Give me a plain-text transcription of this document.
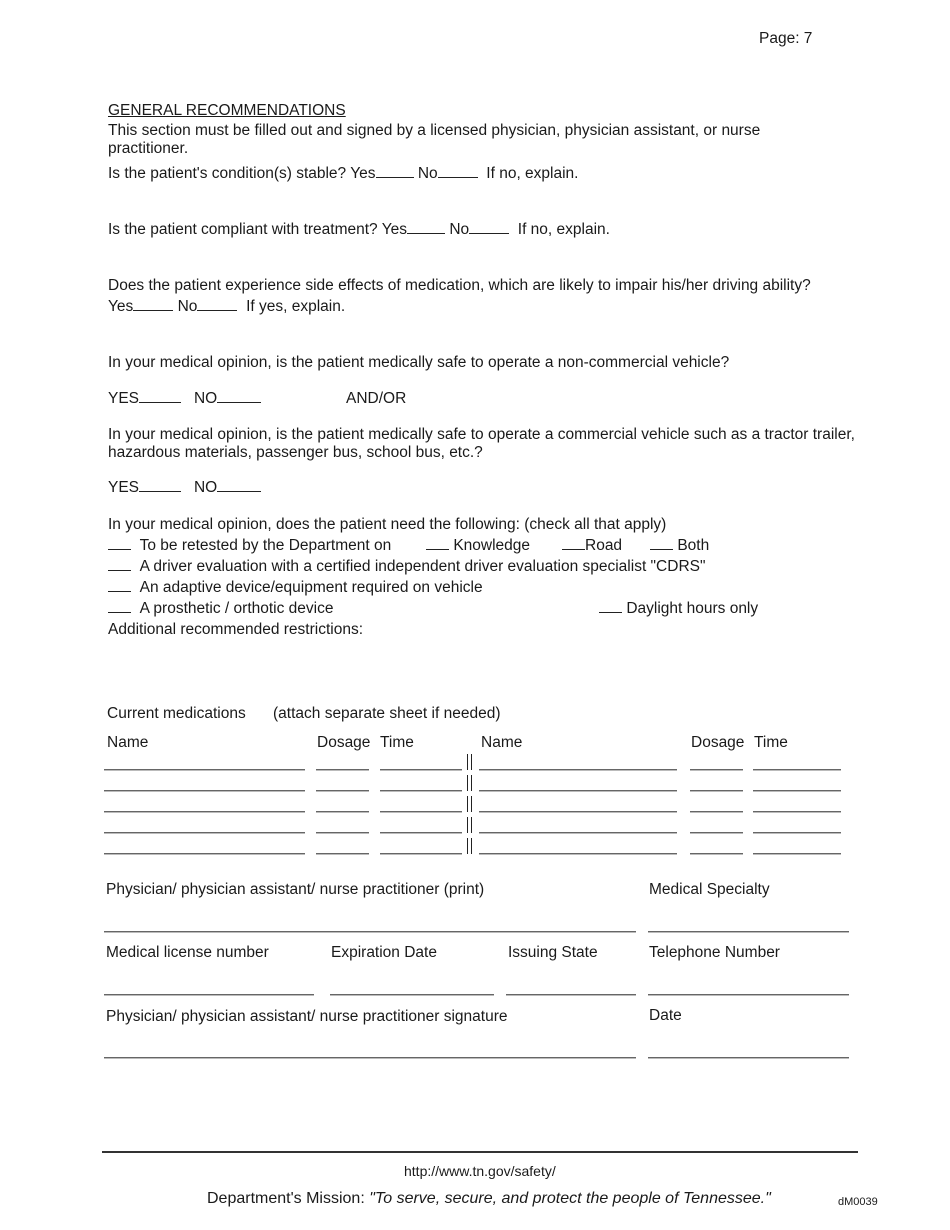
Page: 7
GENERAL RECOMMENDATIONS
This section must be filled out and signed by a licensed physician, physician assistant, or nurse practitioner.
Is the patient's condition(s) stable? Yes	No	If no, explain.
Is the patient compliant with treatment? Yes	No	If no, explain.
Does the patient experience side effects of medication, which are likely to impair his/her driving ability?
Yes	No	If yes, explain.
In your medical opinion, is the patient medically safe to operate a non-commercial vehicle?
YES	NO	AND/OR
In your medical opinion, is the patient medically safe to operate a commercial vehicle such as a tractor trailer, hazardous materials, passenger bus, school bus, etc.?
YES	NO
In your medical opinion, does the patient need the following: (check all that apply)
To be retested by the Department on	Knowledge	Road	Both
A driver evaluation with a certified independent driver evaluation specialist "CDRS"
An adaptive device/equipment required on vehicle
A prosthetic / orthotic device	Daylight hours only
Additional recommended restrictions:
Current medications (attach separate sheet if needed)
Name	Dosage Time	Name	Dosage Time
Physician/ physician assistant/ nurse practitioner (print)	Medical Specialty
Medical license number	Expiration Date	Issuing State	Telephone Number
Physician/ physician assistant/ nurse practitioner signature	Date
http://www.tn.gov/safety/
Department's Mission: "To serve, secure, and protect the people of Tennessee."	dM0039
